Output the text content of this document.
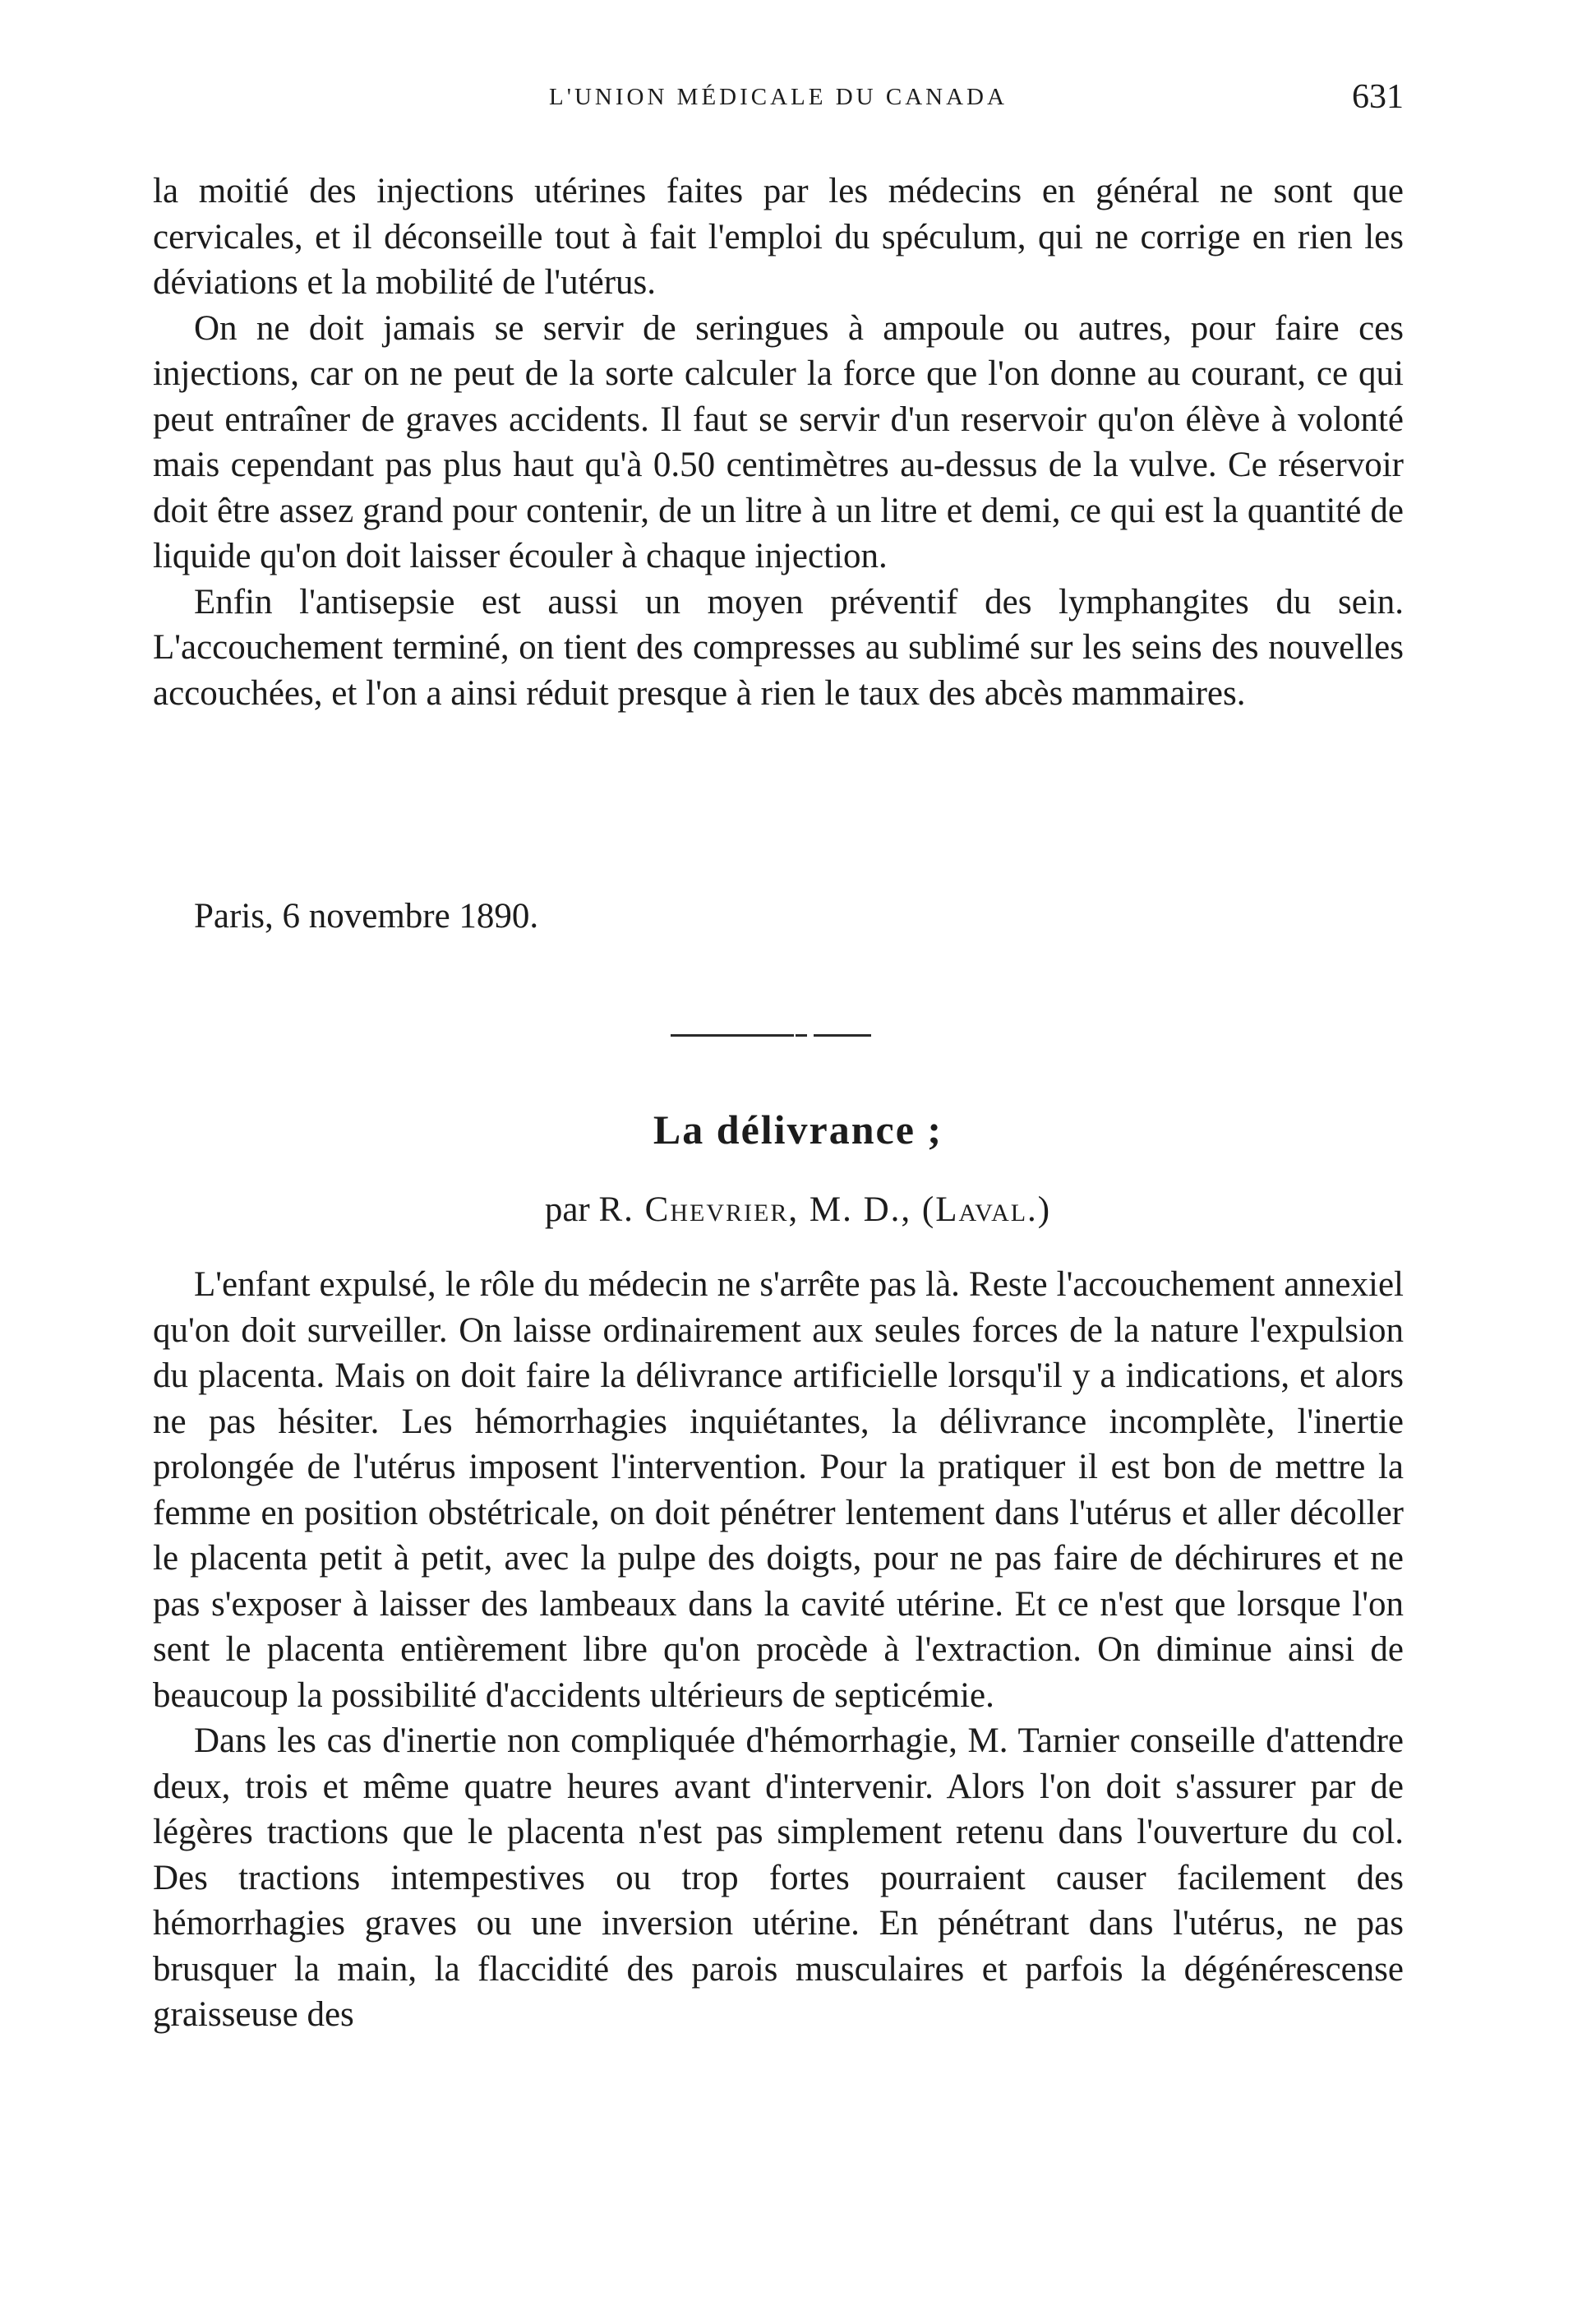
L'UNION MÉDICALE DU CANADA	631

la moitié des injections utérines faites par les médecins en général ne sont que cervicales, et il déconseille tout à fait l'emploi du spéculum, qui ne corrige en rien les déviations et la mobilité de l'utérus.

On ne doit jamais se servir de seringues à ampoule ou autres, pour faire ces injections, car on ne peut de la sorte calculer la force que l'on donne au courant, ce qui peut entraîner de graves accidents. Il faut se servir d'un reservoir qu'on élève à volonté mais cependant pas plus haut qu'à 0.50 centimètres au-dessus de la vulve. Ce réservoir doit être assez grand pour contenir, de un litre à un litre et demi, ce qui est la quantité de liquide qu'on doit laisser écouler à chaque injection.

Enfin l'antisepsie est aussi un moyen préventif des lymphangites du sein. L'accouchement terminé, on tient des compresses au sublimé sur les seins des nouvelles accouchées, et l'on a ainsi réduit presque à rien le taux des abcès mammaires.

Paris, 6 novembre 1890.
La délivrance ;
par R. Chevrier, M. D., (Laval.)

L'enfant expulsé, le rôle du médecin ne s'arrête pas là. Reste l'accouchement annexiel qu'on doit surveiller. On laisse ordinairement aux seules forces de la nature l'expulsion du placenta. Mais on doit faire la délivrance artificielle lorsqu'il y a indications, et alors ne pas hésiter. Les hémorrhagies inquiétantes, la délivrance incomplète, l'inertie prolongée de l'utérus imposent l'intervention. Pour la pratiquer il est bon de mettre la femme en position obstétricale, on doit pénétrer lentement dans l'utérus et aller décoller le placenta petit à petit, avec la pulpe des doigts, pour ne pas faire de déchirures et ne pas s'exposer à laisser des lambeaux dans la cavité utérine. Et ce n'est que lorsque l'on sent le placenta entièrement libre qu'on procède à l'extraction. On diminue ainsi de beaucoup la possibilité d'accidents ultérieurs de septicémie.

Dans les cas d'inertie non compliquée d'hémorrhagie, M. Tarnier conseille d'attendre deux, trois et même quatre heures avant d'intervenir. Alors l'on doit s'assurer par de légères tractions que le placenta n'est pas simplement retenu dans l'ouverture du col. Des tractions intempestives ou trop fortes pourraient causer facilement des hémorrhagies graves ou une inversion utérine. En pénétrant dans l'utérus, ne pas brusquer la main, la flaccidité des parois musculaires et parfois la dégénérescense graisseuse des
